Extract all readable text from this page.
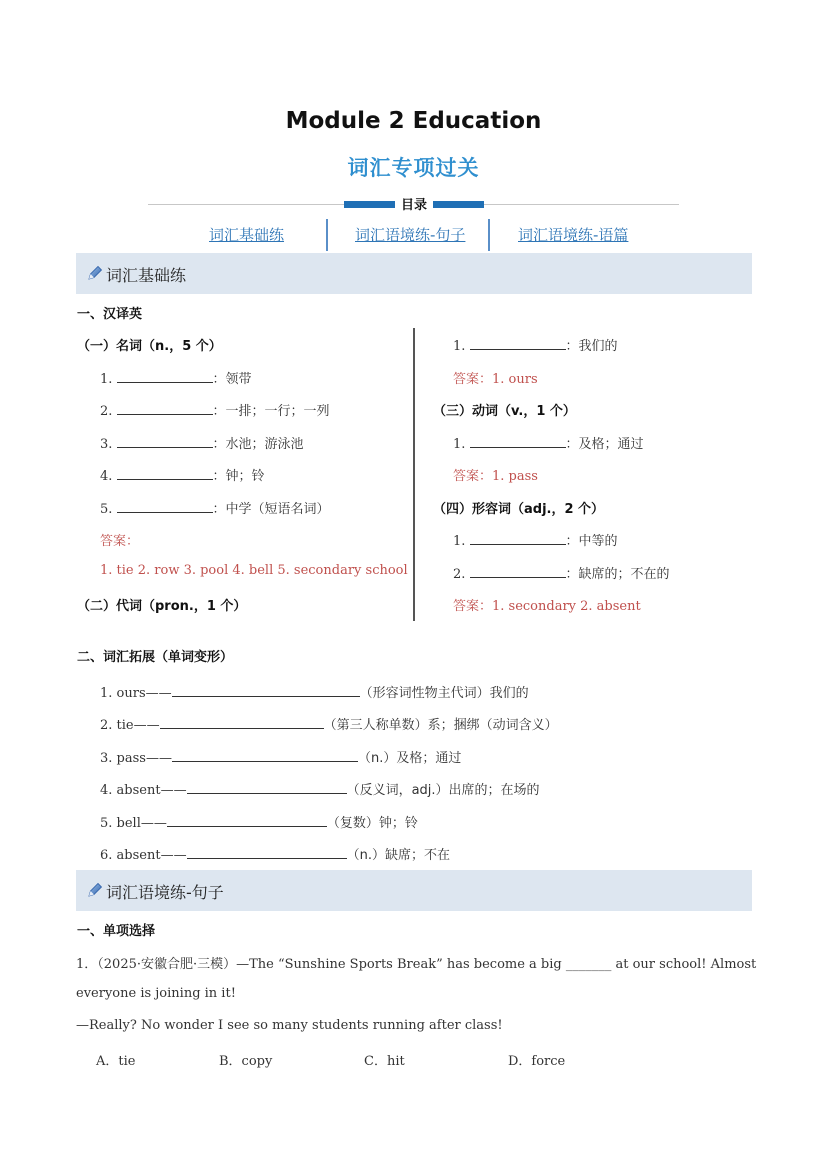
Module 2 Education
词汇专项过关
目录
词汇基础练	词汇语境练-句子	词汇语境练-语篇
词汇基础练
一、汉译英
（一）名词（n.，5 个）
1.	：领带
2.	：一排；一行；一列
3.	：水池；游泳池
4.	：钟；铃
5.	：中学（短语名词）
答案：
1. tie 2. row 3. pool 4. bell 5. secondary school
（二）代词（pron.，1 个）
1.	：我们的
答案：1. ours
（三）动词（v.，1 个）
1.	：及格；通过
答案：1. pass
（四）形容词（adj.，2 个）
1.	：中等的
2.	：缺席的；不在的
答案：1. secondary 2. absent
二、词汇拓展（单词变形）
1. ours——	（形容词性物主代词）我们的
2. tie——	（第三人称单数）系；捆绑（动词含义）
3. pass——	（n.）及格；通过
4. absent——	（反义词，adj.）出席的；在场的
5. bell——	（复数）钟；铃
6. absent——	（n.）缺席；不在
词汇语境练-句子
一、单项选择
1．（2025·安徽合肥·三模）—The “Sunshine Sports Break” has become a big _______ at our school! Almost
everyone is joining in it!
—Really? No wonder I see so many students running after class!
A．tie	B．copy	C．hit	D．force
